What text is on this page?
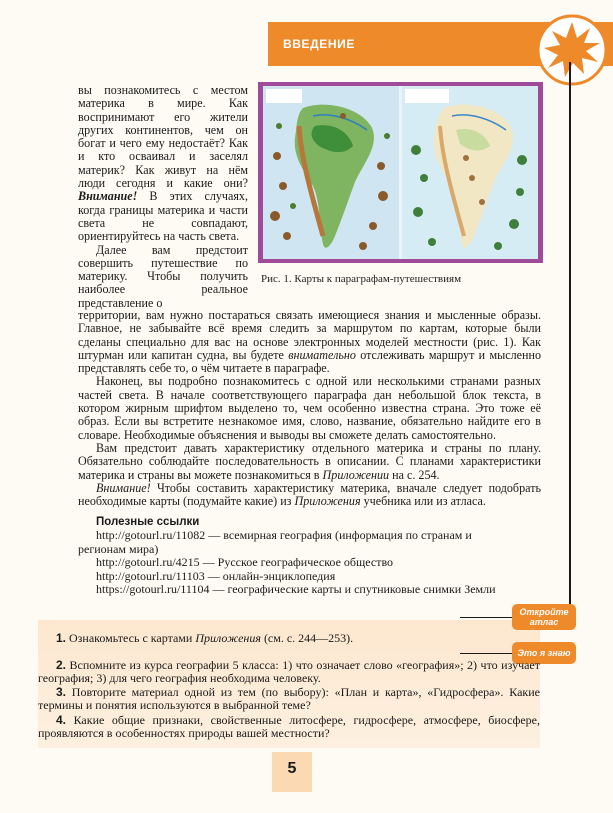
ВВЕДЕНИЕ

вы познакомитесь с местом материка в мире. Как воспринимают его жители других континентов, чем он богат и чего ему недостаёт? Как и кто осваивал и заселял материк? Как живут на нём люди сегодня и какие они? Внимание! В этих случаях, когда границы материка и части света не совпадают, ориентируйтесь на часть света.

Далее вам предстоит совершить путешествие по материку. Чтобы получить наиболее реальное представление о

Рис. 1. Карты к параграфам-путешествиям

территории, вам нужно постараться связать имеющиеся знания и мысленные образы. Главное, не забывайте всё время следить за маршрутом по картам, которые были сделаны специально для вас на основе электронных моделей местности (рис. 1). Как штурман или капитан судна, вы будете внимательно отслеживать маршрут и мысленно представлять себе то, о чём читаете в параграфе.

Наконец, вы подробно познакомитесь с одной или несколькими странами разных частей света. В начале соответствующего параграфа дан небольшой блок текста, в котором жирным шрифтом выделено то, чем особенно известна страна. Это тоже её образ. Если вы встретите незнакомое имя, слово, название, обязательно найдите его в словаре. Необходимые объяснения и выводы вы сможете делать самостоятельно.

Вам предстоит давать характеристику отдельного материка и страны по плану. Обязательно соблюдайте последовательность в описании. С планами характеристики материка и страны вы можете познакомиться в Приложении на с. 254.

Внимание! Чтобы составить характеристику материка, вначале следует подобрать необходимые карты (подумайте какие) из Приложения учебника или из атласа.

Полезные ссылки
http://gotourl.ru/11082 — всемирная география (информация по странам и
регионам мира)
http://gotourl.ru/4215 — Русское географическое общество
http://gotourl.ru/11103 — онлайн-энциклопедия
https://gotourl.ru/11104 — географические карты и спутниковые снимки Земли
Откройте
атлас
Это я знаю
1. Ознакомьтесь с картами Приложения (см. с. 244—253).
2. Вспомните из курса географии 5 класса: 1) что означает слово «география»; 2) что изучает география; 3) для чего география необходима человеку.
3. Повторите материал одной из тем (по выбору): «План и карта», «Гидросфера». Какие термины и понятия используются в выбранной теме?
4. Какие общие признаки, свойственные литосфере, гидросфере, атмосфере, биосфере, проявляются в особенностях природы вашей местности?
5
